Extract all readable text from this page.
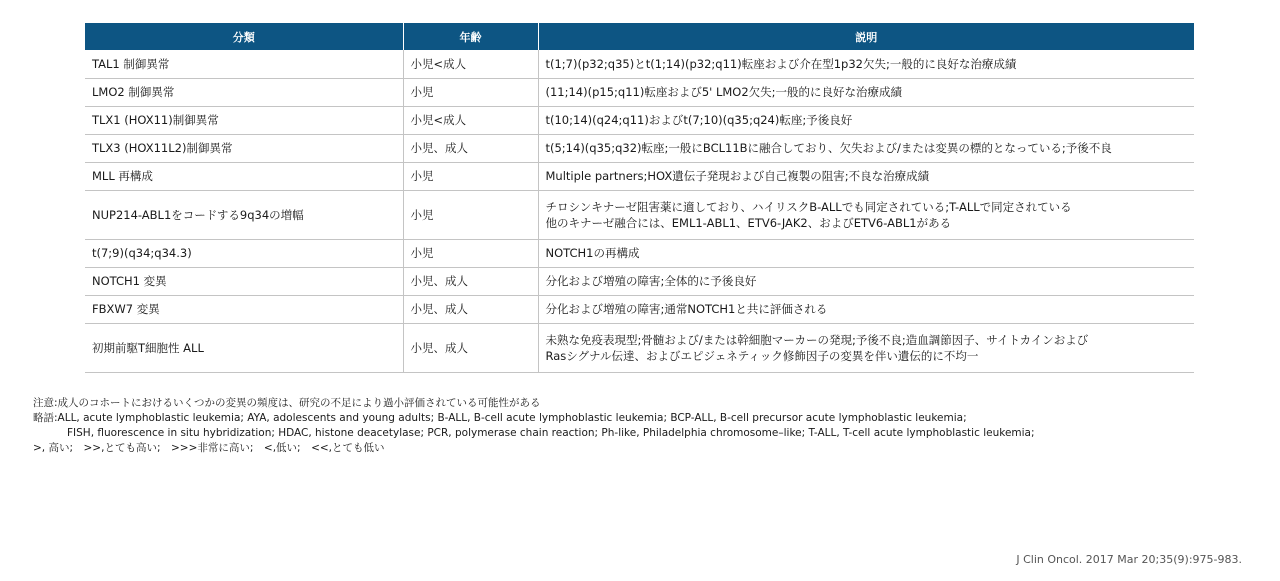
分類	年齢	説明
TAL1 制御異常	小児<成人	t(1;7)(p32;q35)とt(1;14)(p32;q11)転座および介在型1p32欠失;一般的に良好な治療成績

LMO2 制御異常	小児	(11;14)(p15;q11)転座および5' LMO2欠失;一般的に良好な治療成績

TLX1 (HOX11)制御異常	小児<成人	t(10;14)(q24;q11)およびt(7;10)(q35;q24)転座;予後良好

TLX3 (HOX11L2)制御異常	小児、成人	t(5;14)(q35;q32)転座;一般にBCL11Bに融合しており、欠失および/または変異の標的となっている;予後不良

MLL 再構成	小児	Multiple partners;HOX遺伝子発現および自己複製の阻害;不良な治療成績

NUP214-ABL1をコードする9q34の増幅	小児	チロシンキナーゼ阻害薬に適しており、ハイリスクB-ALLでも同定されている;T-ALLで同定されている
他のキナーゼ融合には、EML1-ABL1、ETV6-JAK2、およびETV6-ABL1がある

t(7;9)(q34;q34.3)	小児	NOTCH1の再構成

NOTCH1 変異	小児、成人	分化および増殖の障害;全体的に予後良好

FBXW7 変異	小児、成人	分化および増殖の障害;通常NOTCH1と共に評価される

初期前駆T細胞性 ALL	小児、成人	未熟な免疫表現型;骨髄および/または幹細胞マーカーの発現;予後不良;造血調節因子、サイトカインおよび
Rasシグナル伝達、およびエピジェネティック修飾因子の変異を伴い遺伝的に不均一
注意:成人のコホートにおけるいくつかの変異の頻度は、研究の不足により過小評価されている可能性がある
略語:ALL, acute lymphoblastic leukemia; AYA, adolescents and young adults; B-ALL, B-cell acute lymphoblastic leukemia; BCP-ALL, B-cell precursor acute lymphoblastic leukemia;
FISH, fluorescence in situ hybridization; HDAC, histone deacetylase; PCR, polymerase chain reaction; Ph-like, Philadelphia chromosome–like; T-ALL, T-cell acute lymphoblastic leukemia;
>, 高い;　>>,とても高い;　>>>非常に高い;　<,低い;　<<,とても低い
J Clin Oncol. 2017 Mar 20;35(9):975-983.
